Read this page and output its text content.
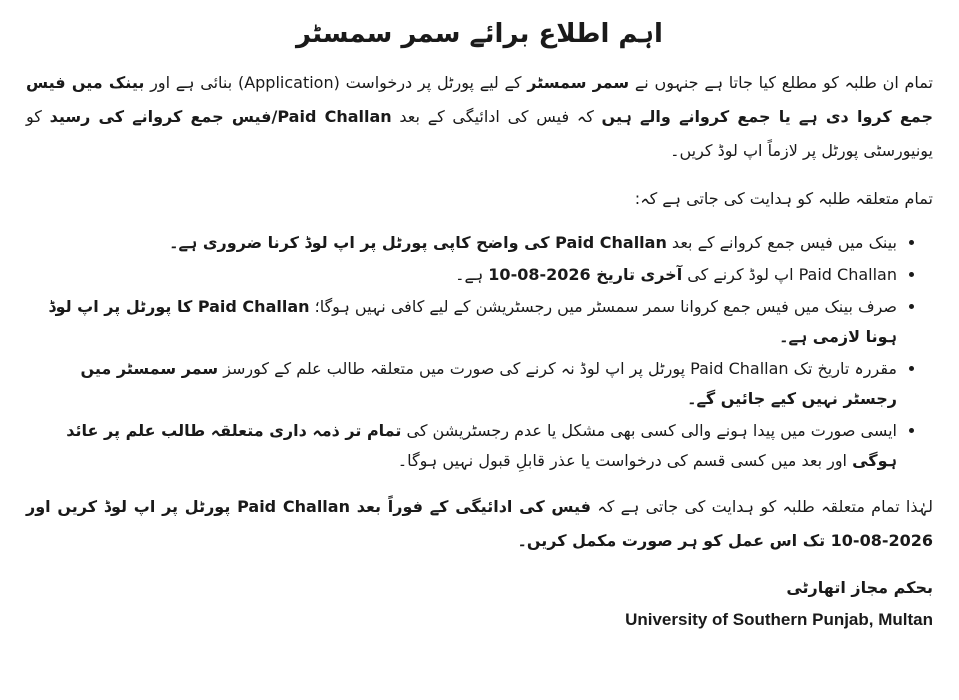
اہم اطلاع برائے سمر سمسٹر

تمام ان طلبہ کو مطلع کیا جاتا ہے جنہوں نے سمر سمسٹر کے لیے پورٹل پر درخواست (Application) بنائی ہے اور بینک میں فیس جمع کروا دی ہے یا جمع کروانے والے ہیں کہ فیس کی ادائیگی کے بعد Paid Challan/فیس جمع کروانے کی رسید کو یونیورسٹی پورٹل پر لازماً اپ لوڈ کریں۔

تمام متعلقہ طلبہ کو ہدایت کی جاتی ہے کہ:

• بینک میں فیس جمع کروانے کے بعد Paid Challan کی واضح کاپی پورٹل پر اپ لوڈ کرنا ضروری ہے۔
• Paid Challan اپ لوڈ کرنے کی آخری تاریخ 2026-08-10 ہے۔
• صرف بینک میں فیس جمع کروانا سمر سمسٹر میں رجسٹریشن کے لیے کافی نہیں ہوگا؛ Paid Challan کا پورٹل پر اپ لوڈ ہونا لازمی ہے۔
• مقررہ تاریخ تک Paid Challan پورٹل پر اپ لوڈ نہ کرنے کی صورت میں متعلقہ طالب علم کے کورسز سمر سمسٹر میں رجسٹر نہیں کیے جائیں گے۔
• ایسی صورت میں پیدا ہونے والی کسی بھی مشکل یا عدم رجسٹریشن کی تمام تر ذمہ داری متعلقہ طالب علم پر عائد ہوگی اور بعد میں کسی قسم کی درخواست یا عذر قابلِ قبول نہیں ہوگا۔

لہٰذا تمام متعلقہ طلبہ کو ہدایت کی جاتی ہے کہ فیس کی ادائیگی کے فوراً بعد Paid Challan پورٹل پر اپ لوڈ کریں اور 2026-08-10 تک اس عمل کو ہر صورت مکمل کریں۔

بحکم مجاز اتھارٹی
University of Southern Punjab, Multan
